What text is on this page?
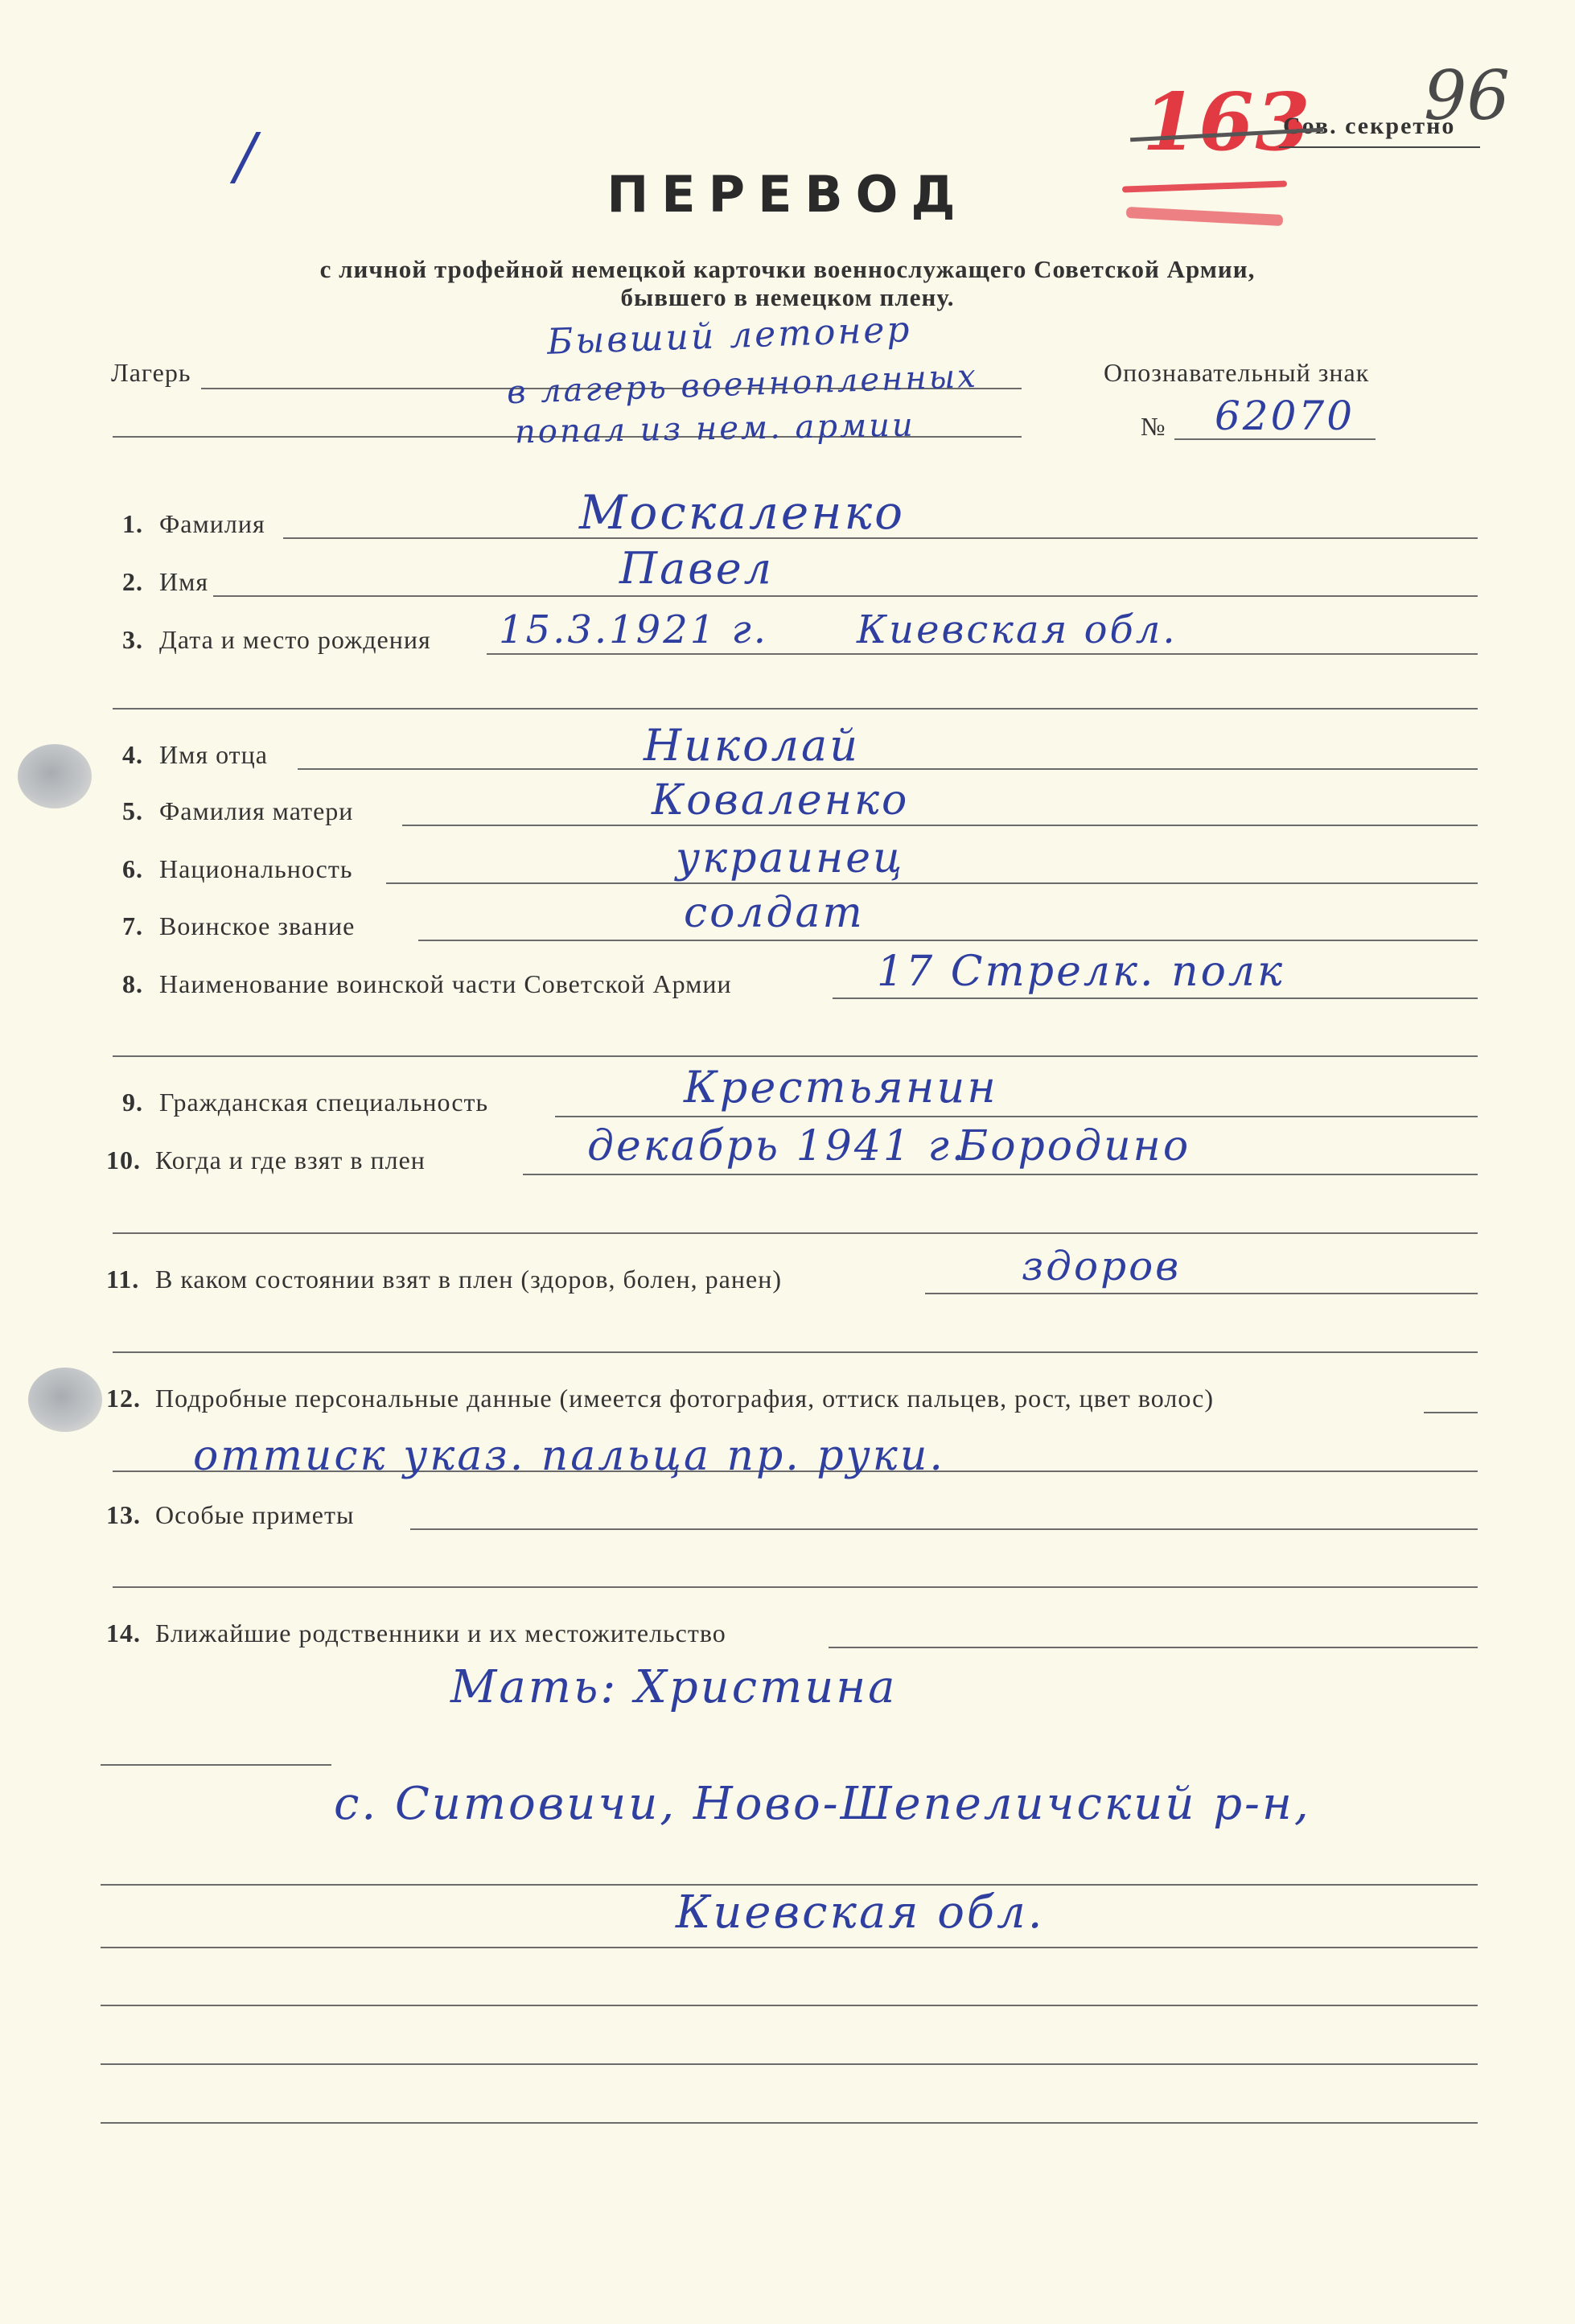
/	163
Сов. секретно
96
ПЕРЕВОД
с личной трофейной немецкой карточки военнослужащего Советской Армии,
бывшего в немецком плену.
Лагерь
Бывший летонер
в лагерь военнопленных
попал из нем. армии
Опознавательный знак
№ 62070
1. Фамилия	Москаленко
2. Имя	Павел
3. Дата и место рождения 15.3.1921 г. Киевская обл.
4. Имя отца	Николай
5. Фамилия матери	Коваленко
6. Национальность	украинец
7. Воинское звание	солдат
8. Наименование воинской части Советской Армии	17 Стрелк. полк
9. Гражданская специальность	Крестьянин
10. Когда и где взят в плен	декабрь 1941 г.
Бородино
11. В каком состоянии взят в плен (здоров, болен, ранен)	здоров
12. Подробные персональные данные (имеется фотография, оттиск пальцев, рост, цвет волос)
оттиск указ. пальца пр. руки.
13. Особые приметы
14. Ближайшие родственники и их местожительство
Мать: Христина
с. Ситовичи, Ново-Шепеличский р-н,
Киевская обл.
